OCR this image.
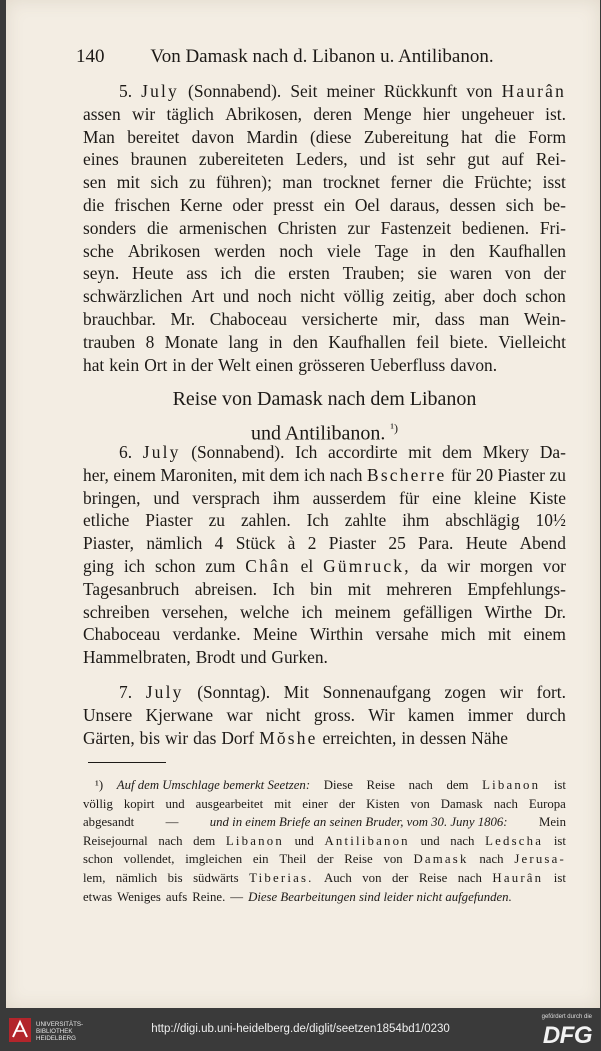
140 Von Damask nach d. Libanon u. Antilibanon.
5. July (Sonnabend). Seit meiner Rückkunft von Haurân
assen wir täglich Abrikosen, deren Menge hier ungeheuer ist.
Man bereitet davon Mardin (diese Zubereitung hat die Form
eines braunen zubereiteten Leders, und ist sehr gut auf Rei-
sen mit sich zu führen); man trocknet ferner die Früchte; isst
die frischen Kerne oder presst ein Oel daraus, dessen sich be-
sonders die armenischen Christen zur Fastenzeit bedienen. Fri-
sche Abrikosen werden noch viele Tage in den Kaufhallen
seyn. Heute ass ich die ersten Trauben; sie waren von der
schwärzlichen Art und noch nicht völlig zeitig, aber doch schon
brauchbar. Mr. Chaboceau versicherte mir, dass man Wein-
trauben 8 Monate lang in den Kaufhallen feil biete. Vielleicht
hat kein Ort in der Welt einen grösseren Ueberfluss davon.
Reise von Damask nach dem Libanon
und Antilibanon. $^{^1)}$
6. July (Sonnabend). Ich accordirte mit dem Mkery Da-
her, einem Maroniten, mit dem ich nach Bscherre für 20 Piaster zu
bringen, und versprach ihm ausserdem für eine kleine Kiste
etliche Piaster zu zahlen. Ich zahlte ihm abschlägig 10½
Piaster, nämlich 4 Stück à 2 Piaster 25 Para. Heute Abend
ging ich schon zum Chân el Gümruck, da wir morgen vor
Tagesanbruch abreisen. Ich bin mit mehreren Empfehlungs-
schreiben versehen, welche ich meinem gefälligen Wirthe Dr.
Chaboceau verdanke. Meine Wirthin versahe mich mit einem
Hammelbraten, Brodt und Gurken.
7. July (Sonntag). Mit Sonnenaufgang zogen wir fort.
Unsere Kjerwane war nicht gross. Wir kamen immer durch
Gärten, bis wir das Dorf Mŏshe erreichten, in dessen Nähe
¹) Auf dem Umschlage bemerkt Seetzen: Diese Reise nach dem Libanon ist
völlig kopirt und ausgearbeitet mit einer der Kisten von Damask nach Europa
abgesandt — und in einem Briefe an seinen Bruder, vom 30. Juny 1806: Mein
Reisejournal nach dem Libanon und Antilibanon und nach Ledscha ist
schon vollendet, imgleichen ein Theil der Reise von Damask nach Jerusa-
lem, nämlich bis südwärts Tiberias. Auch von der Reise nach Haurân ist
etwas Weniges aufs Reine. — Diese Bearbeitungen sind leider nicht aufgefunden.
UNIVERSITÄTS-
BIBLIOTHEK
HEIDELBERG
http://digi.ub.uni-heidelberg.de/diglit/seetzen1854bd1/0230
gefördert durch die
DFG
